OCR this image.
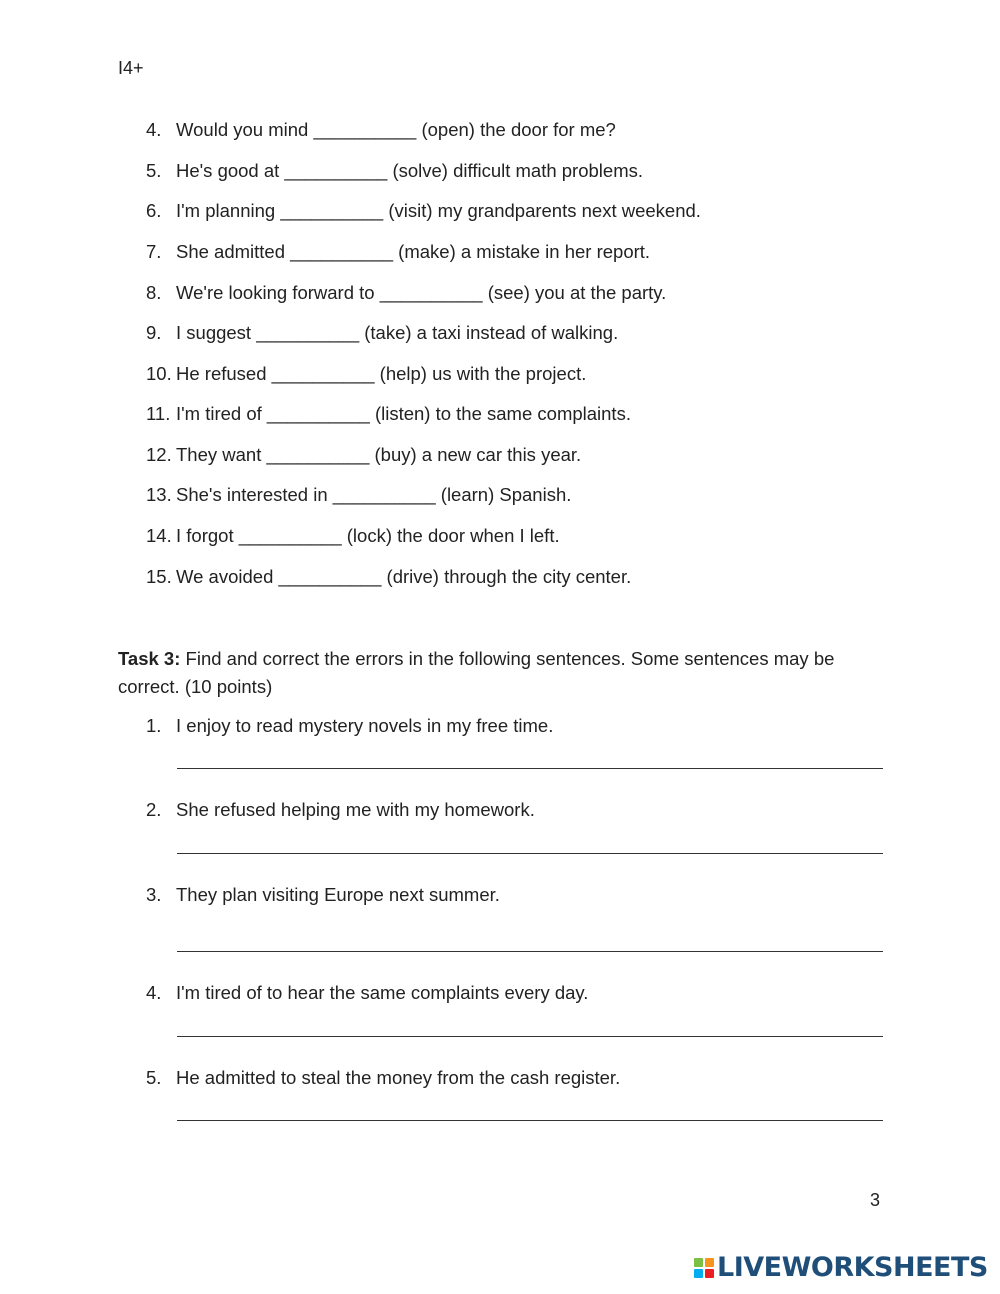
I4+
4. Would you mind __________ (open) the door for me?
5. He's good at __________ (solve) difficult math problems.
6. I'm planning __________ (visit) my grandparents next weekend.
7. She admitted __________ (make) a mistake in her report.
8. We're looking forward to __________ (see) you at the party.
9. I suggest __________ (take) a taxi instead of walking.
10. He refused __________ (help) us with the project.
11. I'm tired of __________ (listen) to the same complaints.
12. They want __________ (buy) a new car this year.
13. She's interested in __________ (learn) Spanish.
14. I forgot __________ (lock) the door when I left.
15. We avoided __________ (drive) through the city center.
Task 3: Find and correct the errors in the following sentences. Some sentences may be correct. (10 points)
1. I enjoy to read mystery novels in my free time.
2. She refused helping me with my homework.
3. They plan visiting Europe next summer.
4. I'm tired of to hear the same complaints every day.
5. He admitted to steal the money from the cash register.
3
LIVEWORKSHEETS
